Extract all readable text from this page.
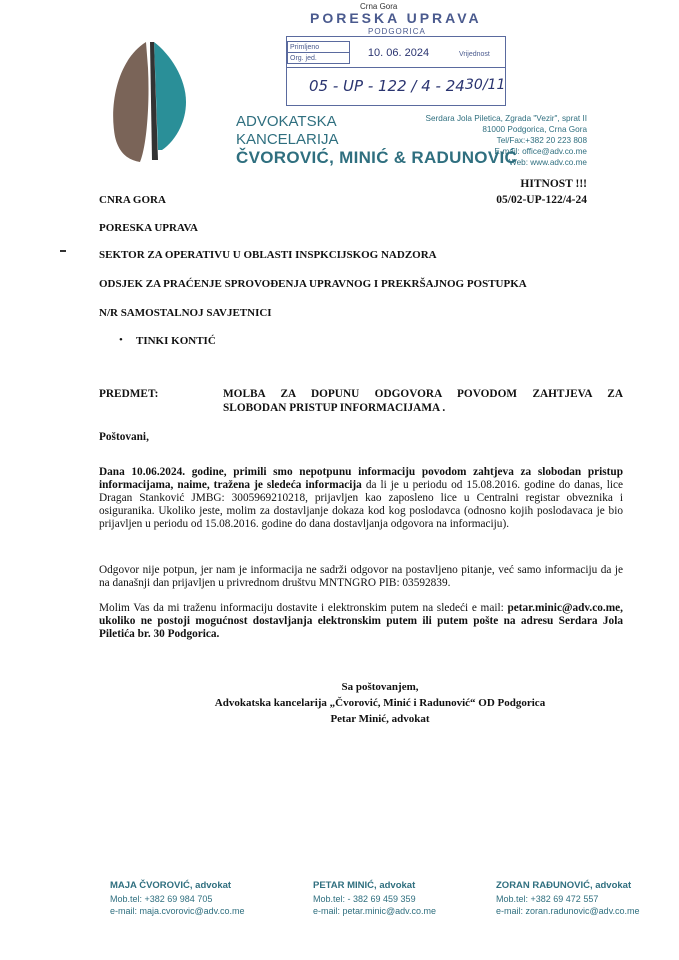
Crna Gora
PORESKA UPRAVA
PODGORICA
Primljeno	10. 06. 2024	
Org. jed.			Vrijednost
05 - UP - 122 / 4 - 24 30/11
ADVOKATSKA
KANCELARIJA
ČVOROVIĆ, MINIĆ & RADUNOVIĆ
Serdara Jola Piletica, Zgrada "Vezir", sprat II
81000 Podgorica, Crna Gora
Tel/Fax:+382 20 223 808
E-mail: office@adv.co.me
Web: www.adv.co.me
HITNOST !!!
05/02-UP-122/4-24
CNRA GORA
PORESKA UPRAVA
SEKTOR ZA OPERATIVU U OBLASTI INSPKCIJSKOG NADZORA
ODSJEK ZA PRAĆENJE SPROVOĐENJA UPRAVNOG I PREKRŠAJNOG POSTUPKA
N/R SAMOSTALNOJ SAVJETNICI
• TINKI KONTIĆ
PREDMET:	MOLBA ZA DOPUNU ODGOVORA POVODOM ZAHTJEVA ZA
SLOBODAN PRISTUP INFORMACIJAMA .
Poštovani,

Dana 10.06.2024. godine, primili smo nepotpunu informaciju povodom zahtjeva za slobodan pristup informacijama, naime, tražena je sledeća informacija da li je u periodu od 15.08.2016. godine do danas, lice Dragan Stanković JMBG: 3005969210218, prijavljen kao zaposleno lice u Centralni registar obveznika i osiguranika. Ukoliko jeste, molim za dostavljanje dokaza kod kog poslodavca (odnosno kojih poslodavaca je bio prijavljen u periodu od 15.08.2016. godine do dana dostavljanja odgovora na informaciju).

Odgovor nije potpun, jer nam je informacija ne sadrži odgovor na postavljeno pitanje, već samo informaciju da je na današnji dan prijavljen u privrednom društvu MNTNGRO PIB: 03592839.

Molim Vas da mi traženu informaciju dostavite i elektronskim putem na sledeći e mail: petar.minic@adv.co.me, ukoliko ne postoji mogućnost dostavljanja elektronskim putem ili putem pošte na adresu Serdara Jola Piletića br. 30 Podgorica.

Sa poštovanjem,
Advokatska kancelarija „Čvorović, Minić i Radunović“ OD Podgorica
Petar Minić, advokat
MAJA ČVOROVIĆ, advokat
Mob.tel: +382 69 984 705
e-mail: maja.cvorovic@adv.co.me
PETAR MINIĆ, advokat
Mob.tel: - 382 69 459 359
e-mail: petar.minic@adv.co.me
ZORAN RAĐUNOVIĆ, advokat
Mob.tel: +382 69 472 557
e-mail: zoran.radunovic@adv.co.me
